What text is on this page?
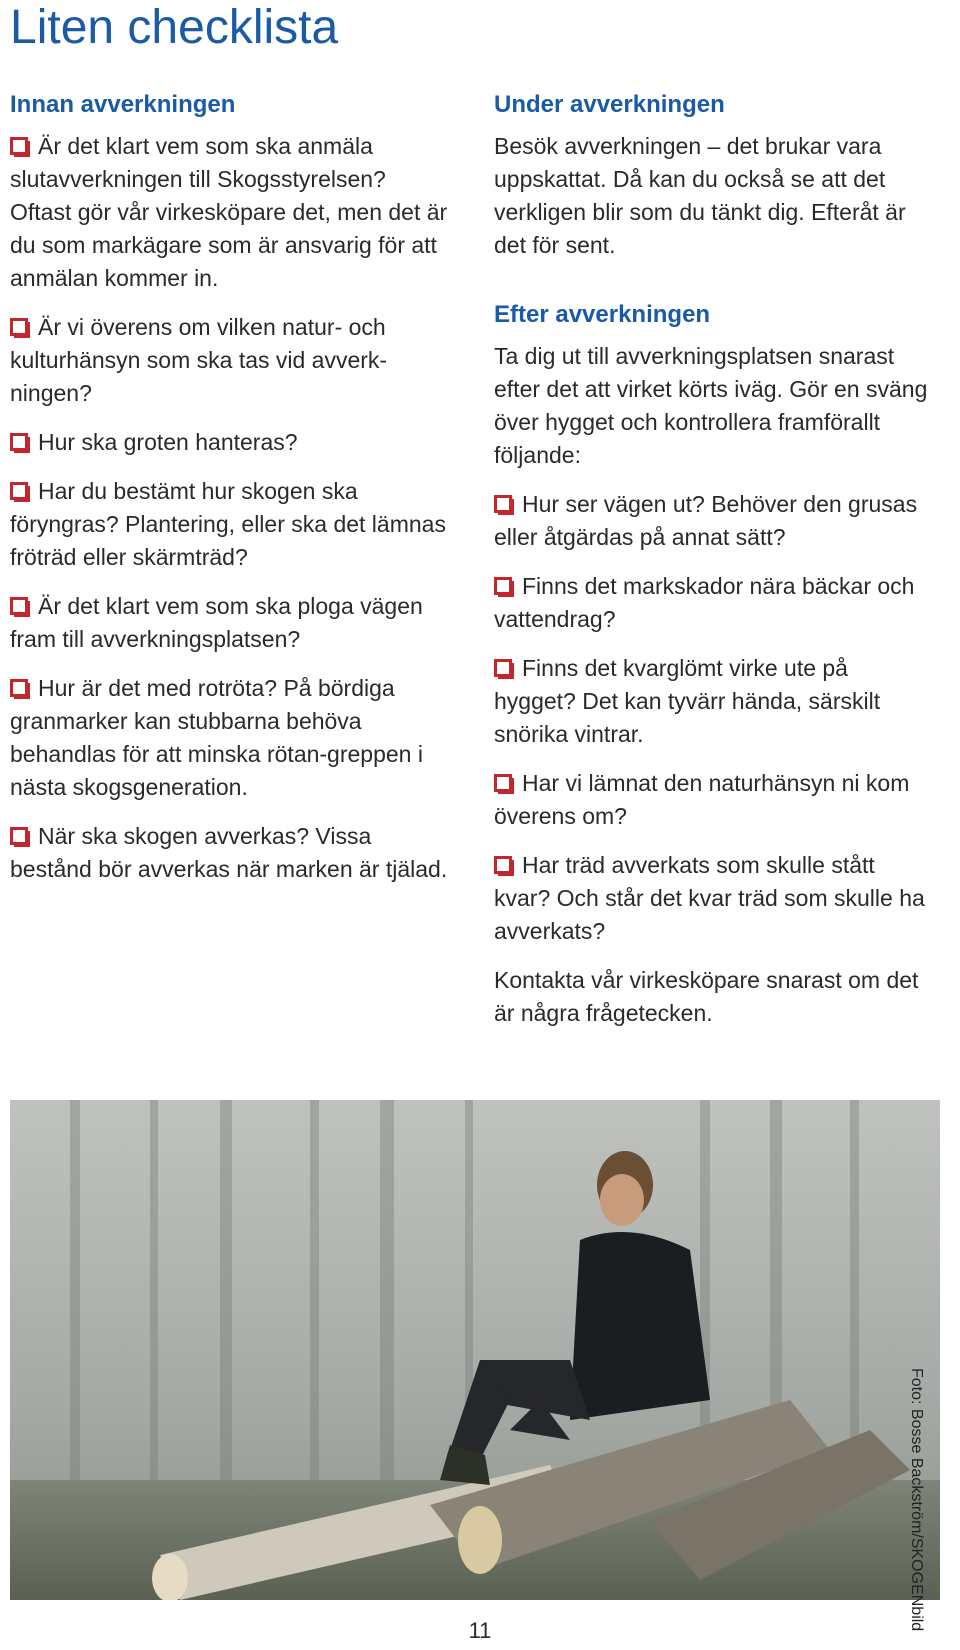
Liten checklista
Innan avverkningen

Är det klart vem som ska anmäla slutavverkningen till Skogsstyrelsen? Oftast gör vår virkesköpare det, men det är du som markägare som är ansvarig för att anmälan kommer in.

Är vi överens om vilken natur- och kulturhänsyn som ska tas vid avverk-ningen?

Hur ska groten hanteras?

Har du bestämt hur skogen ska föryngras? Plantering, eller ska det lämnas fröträd eller skärmträd?

Är det klart vem som ska ploga vägen fram till avverkningsplatsen?

Hur är det med rotröta? På bördiga granmarker kan stubbarna behöva behandlas för att minska rötan-greppen i nästa skogsgeneration.

När ska skogen avverkas? Vissa bestånd bör avverkas när marken är tjälad.

Under avverkningen

Besök avverkningen – det brukar vara uppskattat. Då kan du också se att det verkligen blir som du tänkt dig. Efteråt är det för sent.

Efter avverkningen

Ta dig ut till avverkningsplatsen snarast efter det att virket körts iväg. Gör en sväng över hygget och kontrollera framförallt följande:

Hur ser vägen ut? Behöver den grusas eller åtgärdas på annat sätt?

Finns det markskador nära bäckar och vattendrag?

Finns det kvarglömt virke ute på hygget? Det kan tyvärr hända, särskilt snörika vintrar.

Har vi lämnat den naturhänsyn ni kom överens om?

Har träd avverkats som skulle stått kvar? Och står det kvar träd som skulle ha avverkats?

Kontakta vår virkesköpare snarast om det är några frågetecken.

Foto: Bosse Backström/SKOGENbild
11
